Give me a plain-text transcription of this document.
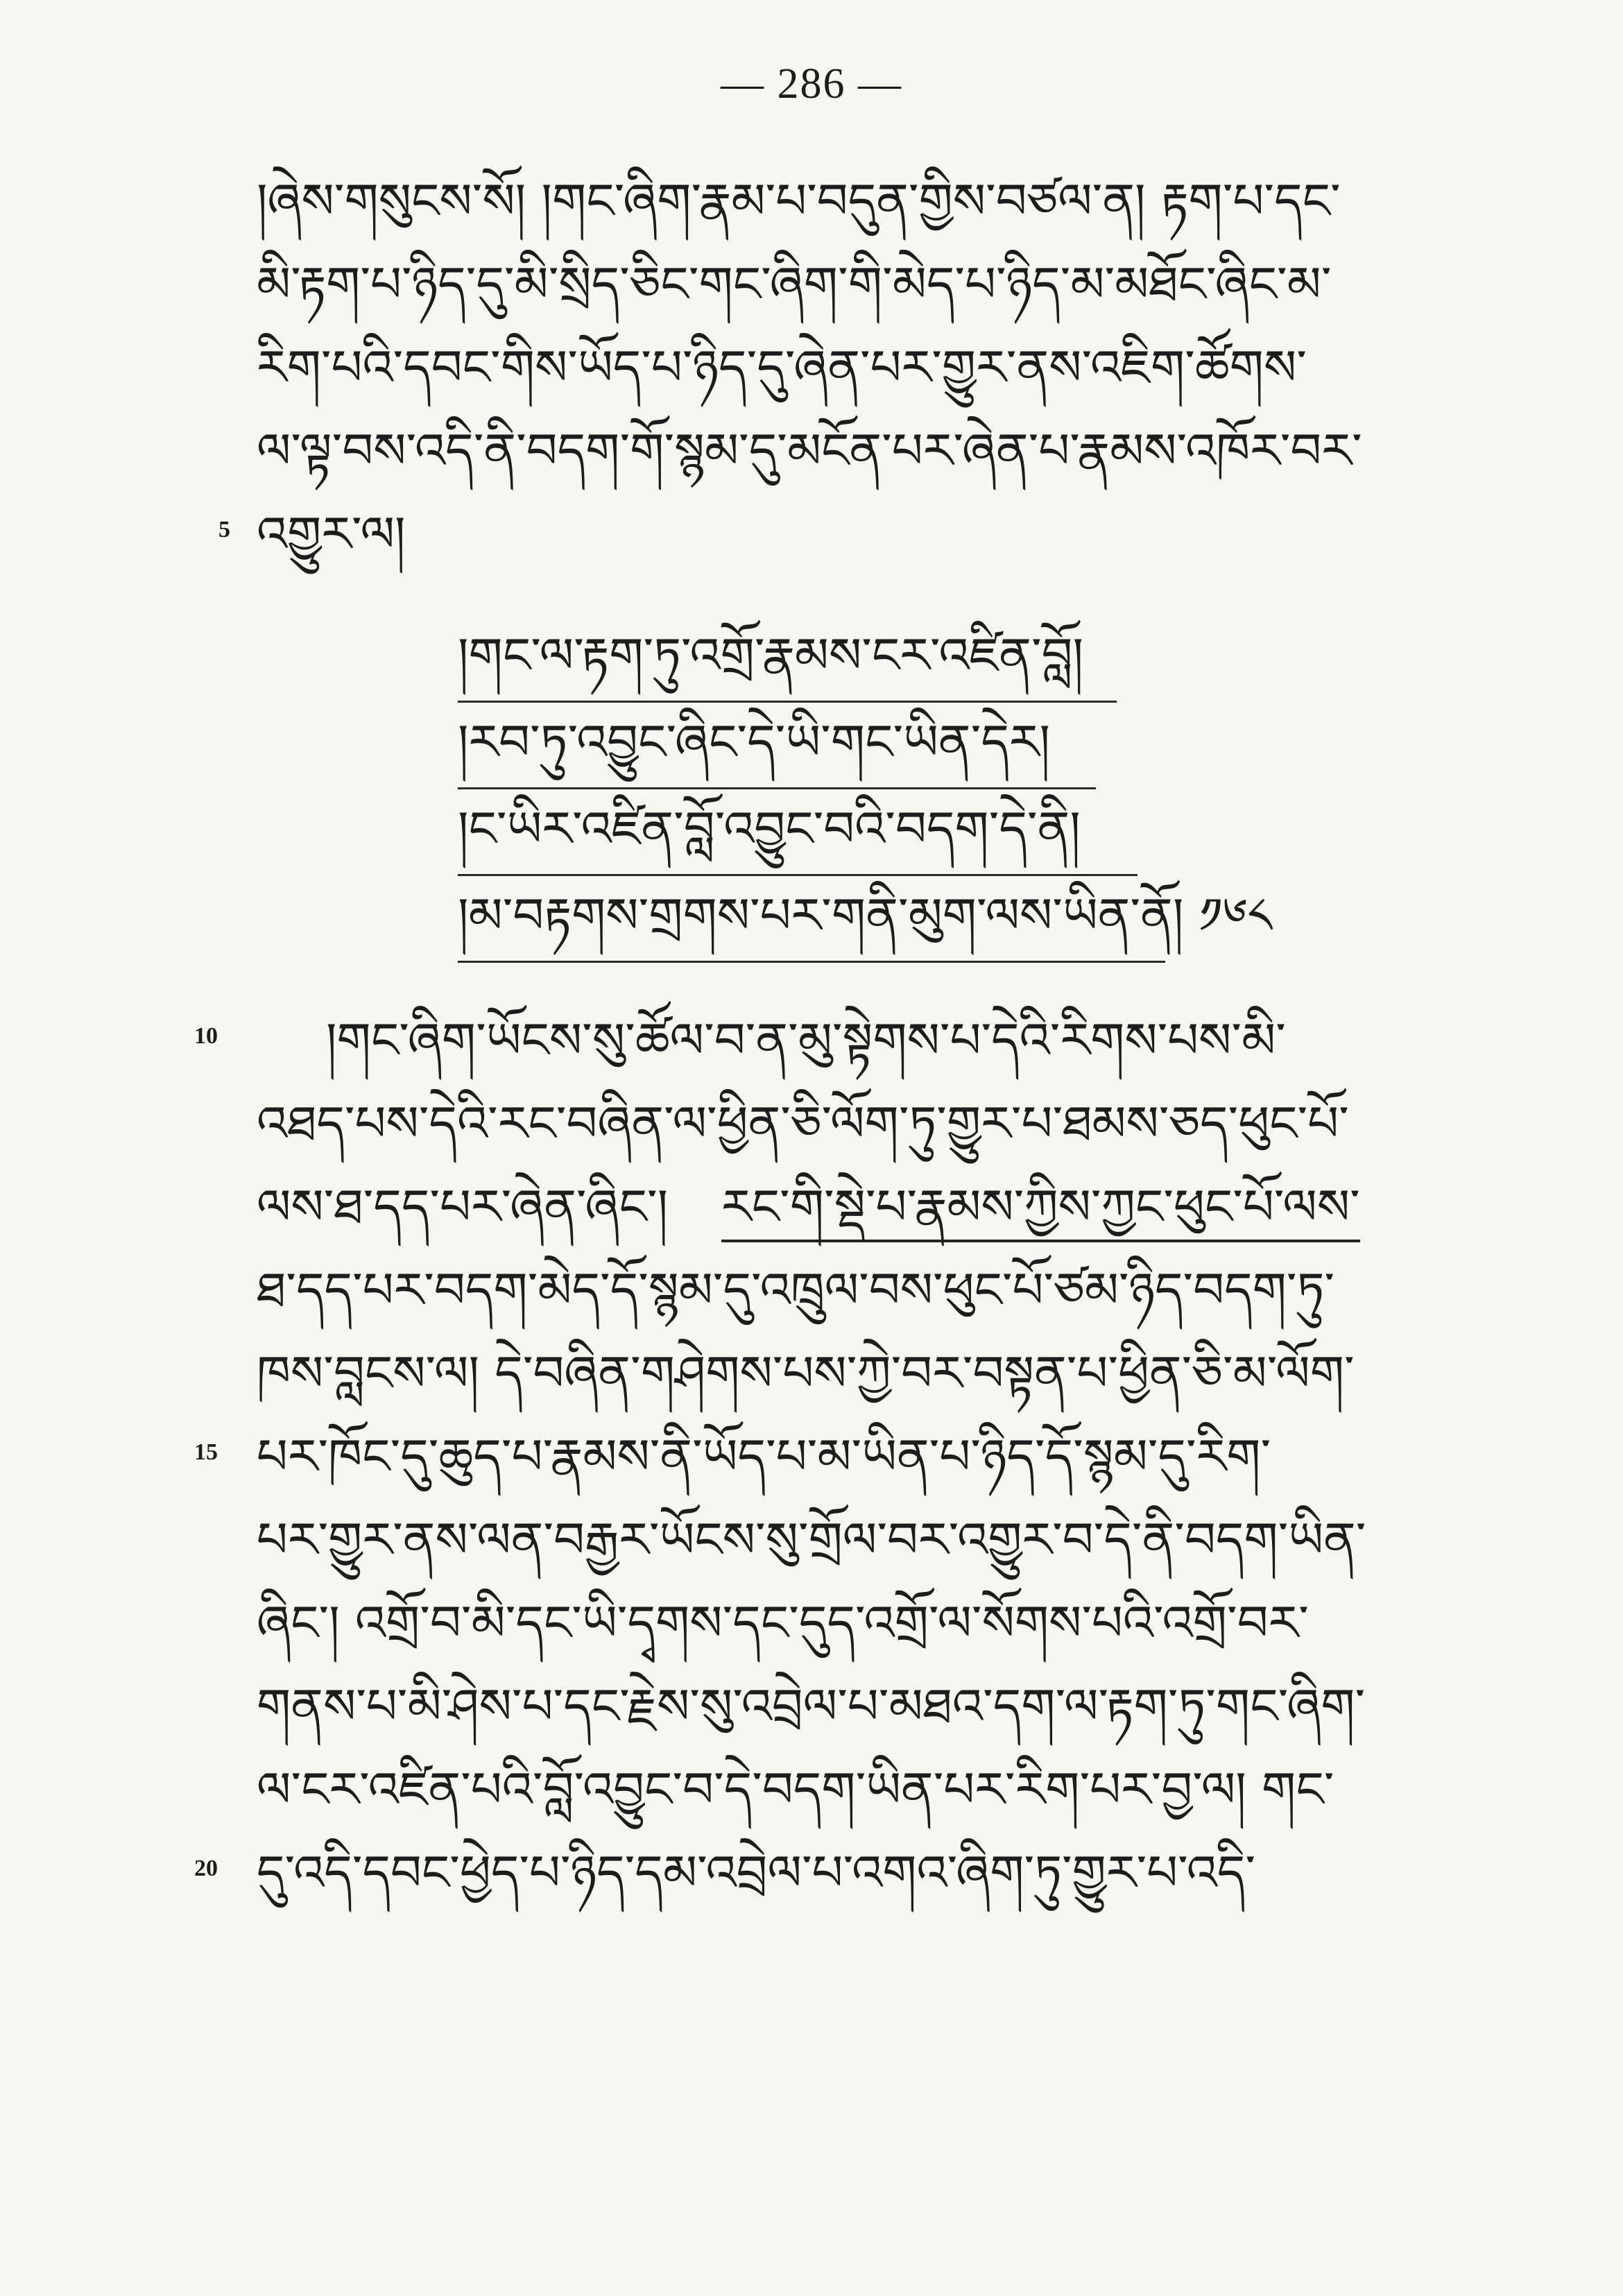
— 286 —
།ཞེས་གསུངས་སོ། །གང་ཞིག་རྣམ་པ་བདུན་གྱིས་བཙལ་ན། རྟག་པ་དང་
མི་རྟག་པ་ཉིད་དུ་མི་སྲིད་ཅིང་གང་ཞིག་གི་མེད་པ་ཉིད་མ་མཐོང་ཞིང་མ་
རིག་པའི་དབང་གིས་ཡོད་པ་ཉིད་དུ་ཞེན་པར་གྱུར་ནས་འཇིག་ཚོགས་
ལ་ལྟ་བས་འདི་ནི་བདག་གོ་སྙམ་དུ་མངོན་པར་ཞེན་པ་རྣམས་འཁོར་བར་
5 འགྱུར་ལ།
།གང་ལ་རྟག་ཏུ་འགྲོ་རྣམས་ངར་འཛིན་བློ།
།རབ་ཏུ་འབྱུང་ཞིང་དེ་ཡི་གང་ཡིན་དེར།
།ང་ཡིར་འཛིན་བློ་འབྱུང་བའི་བདག་དེ་ནི།
།མ་བརྟགས་གྲགས་པར་གནི་མུག་ལས་ཡིན་ནོ། ༡༦༨
10 །གང་ཞིག་ཡོངས་སུ་ཚོལ་བ་ན་མུ་སྟེགས་པ་དེའི་རིགས་པས་མི་
འཐད་པས་དེའི་རང་བཞིན་ལ་ཕྱིན་ཅི་ལོག་ཏུ་གྱུར་པ་ཐམས་ཅད་ཕུང་པོ་
ལས་ཐ་དད་པར་ཞེན་ཞིང་། རང་གི་སྡེ་པ་རྣམས་ཀྱིས་ཀྱང་ཕུང་པོ་ལས་
ཐ་དད་པར་བདག་མེད་དོ་སྙམ་དུ་འཁྲུལ་བས་ཕུང་པོ་ཙམ་ཉིད་བདག་ཏུ་
ཁས་བླངས་ལ། དེ་བཞིན་གཤེགས་པས་ཀྱེ་བར་བསྟན་པ་ཕྱིན་ཅི་མ་ལོག་
15 པར་ཁོང་དུ་ཆུད་པ་རྣམས་ནི་ཡོད་པ་མ་ཡིན་པ་ཉིད་དོ་སྙམ་དུ་རིག་
པར་གྱུར་ནས་ལན་བརྒྱར་ཡོངས་སུ་གྲོལ་བར་འགྱུར་བ་དེ་ནི་བདག་ཡིན་
ཞིང་། འགྲོ་བ་མི་དང་ཡི་དྭགས་དང་དུད་འགྲོ་ལ་སོགས་པའི་འགྲོ་བར་
གནས་པ་མི་ཤེས་པ་དང་རྗེས་སུ་འབྲེལ་པ་མཐའ་དག་ལ་རྟག་ཏུ་གང་ཞིག་
ལ་ངར་འཛིན་པའི་བློ་འབྱུང་བ་དེ་བདག་ཡིན་པར་རིག་པར་བྱ་ལ། གང་
20 དུ་འདི་དབང་ཕྱེད་པ་ཉིད་དམ་འབྲེལ་པ་འགའ་ཞིག་ཏུ་གྱུར་པ་འདི་
